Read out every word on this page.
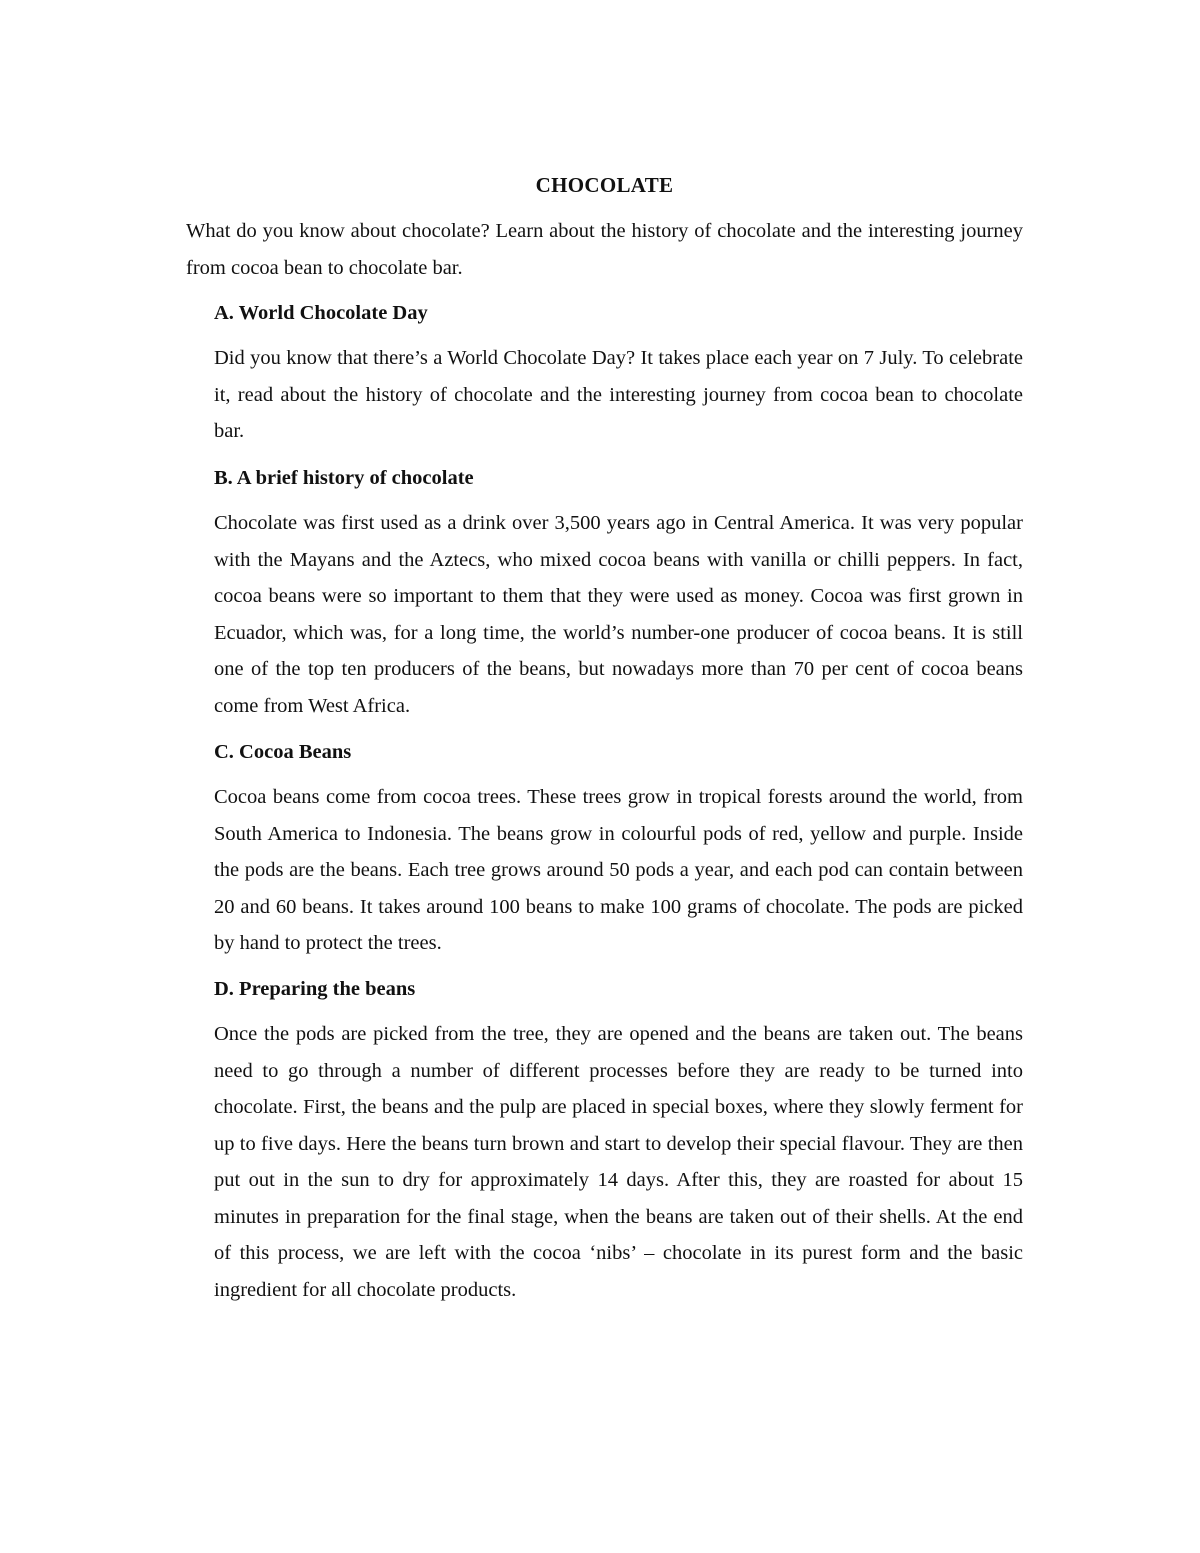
CHOCOLATE

What do you know about chocolate? Learn about the history of chocolate and the interesting journey from cocoa bean to chocolate bar.

A. World Chocolate Day

Did you know that there’s a World Chocolate Day? It takes place each year on 7 July. To celebrate it, read about the history of chocolate and the interesting journey from cocoa bean to chocolate bar.

B. A brief history of chocolate

Chocolate was first used as a drink over 3,500 years ago in Central America. It was very popular with the Mayans and the Aztecs, who mixed cocoa beans with vanilla or chilli peppers. In fact, cocoa beans were so important to them that they were used as money. Cocoa was first grown in Ecuador, which was, for a long time, the world’s number-one producer of cocoa beans. It is still one of the top ten producers of the beans, but nowadays more than 70 per cent of cocoa beans come from West Africa.

C. Cocoa Beans

Cocoa beans come from cocoa trees. These trees grow in tropical forests around the world, from South America to Indonesia. The beans grow in colourful pods of red, yellow and purple. Inside the pods are the beans. Each tree grows around 50 pods a year, and each pod can contain between 20 and 60 beans. It takes around 100 beans to make 100 grams of chocolate. The pods are picked by hand to protect the trees.

D. Preparing the beans

Once the pods are picked from the tree, they are opened and the beans are taken out. The beans need to go through a number of different processes before they are ready to be turned into chocolate. First, the beans and the pulp are placed in special boxes, where they slowly ferment for up to five days. Here the beans turn brown and start to develop their special flavour. They are then put out in the sun to dry for approximately 14 days. After this, they are roasted for about 15 minutes in preparation for the final stage, when the beans are taken out of their shells. At the end of this process, we are left with the cocoa ‘nibs’ – chocolate in its purest form and the basic ingredient for all chocolate products.
